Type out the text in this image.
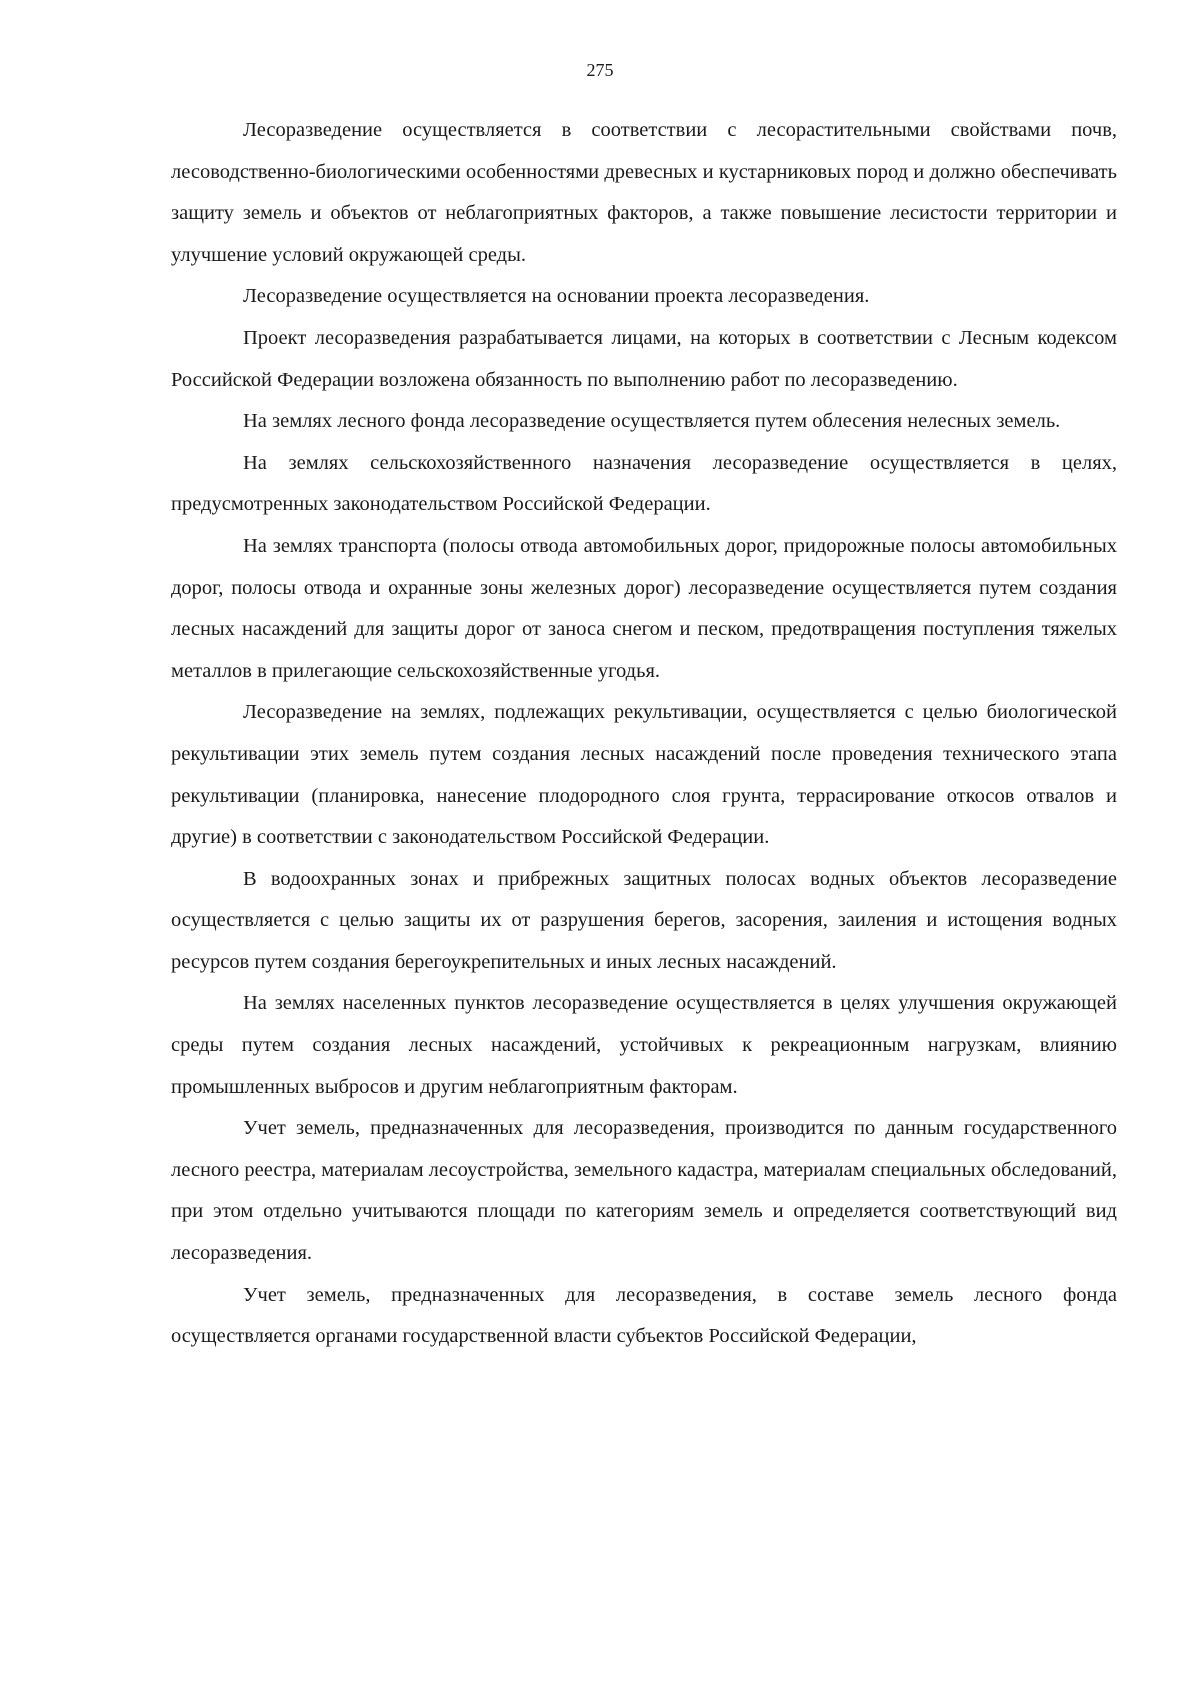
275

Лесоразведение осуществляется в соответствии с лесорастительными свойствами почв, лесоводственно-биологическими особенностями древесных и кустарниковых пород и должно обеспечивать защиту земель и объектов от неблагоприятных факторов, а также повышение лесистости территории и улучшение условий окружающей среды.

Лесоразведение осуществляется на основании проекта лесоразведения.

Проект лесоразведения разрабатывается лицами, на которых в соответствии с Лесным кодексом Российской Федерации возложена обязанность по выполнению работ по лесоразведению.

На землях лесного фонда лесоразведение осуществляется путем облесения нелесных земель.

На землях сельскохозяйственного назначения лесоразведение осуществляется в целях, предусмотренных законодательством Российской Федерации.

На землях транспорта (полосы отвода автомобильных дорог, придорожные полосы автомобильных дорог, полосы отвода и охранные зоны железных дорог) лесоразведение осуществляется путем создания лесных насаждений для защиты дорог от заноса снегом и песком, предотвращения поступления тяжелых металлов в прилегающие сельскохозяйственные угодья.

Лесоразведение на землях, подлежащих рекультивации, осуществляется с целью биологической рекультивации этих земель путем создания лесных насаждений после проведения технического этапа рекультивации (планировка, нанесение плодородного слоя грунта, террасирование откосов отвалов и другие) в соответствии с законодательством Российской Федерации.

В водоохранных зонах и прибрежных защитных полосах водных объектов лесоразведение осуществляется с целью защиты их от разрушения берегов, засорения, заиления и истощения водных ресурсов путем создания берегоукрепительных и иных лесных насаждений.

На землях населенных пунктов лесоразведение осуществляется в целях улучшения окружающей среды путем создания лесных насаждений, устойчивых к рекреационным нагрузкам, влиянию промышленных выбросов и другим неблагоприятным факторам.

Учет земель, предназначенных для лесоразведения, производится по данным государственного лесного реестра, материалам лесоустройства, земельного кадастра, материалам специальных обследований, при этом отдельно учитываются площади по категориям земель и определяется соответствующий вид лесоразведения.

Учет земель, предназначенных для лесоразведения, в составе земель лесного фонда осуществляется органами государственной власти субъектов Российской Федерации,
